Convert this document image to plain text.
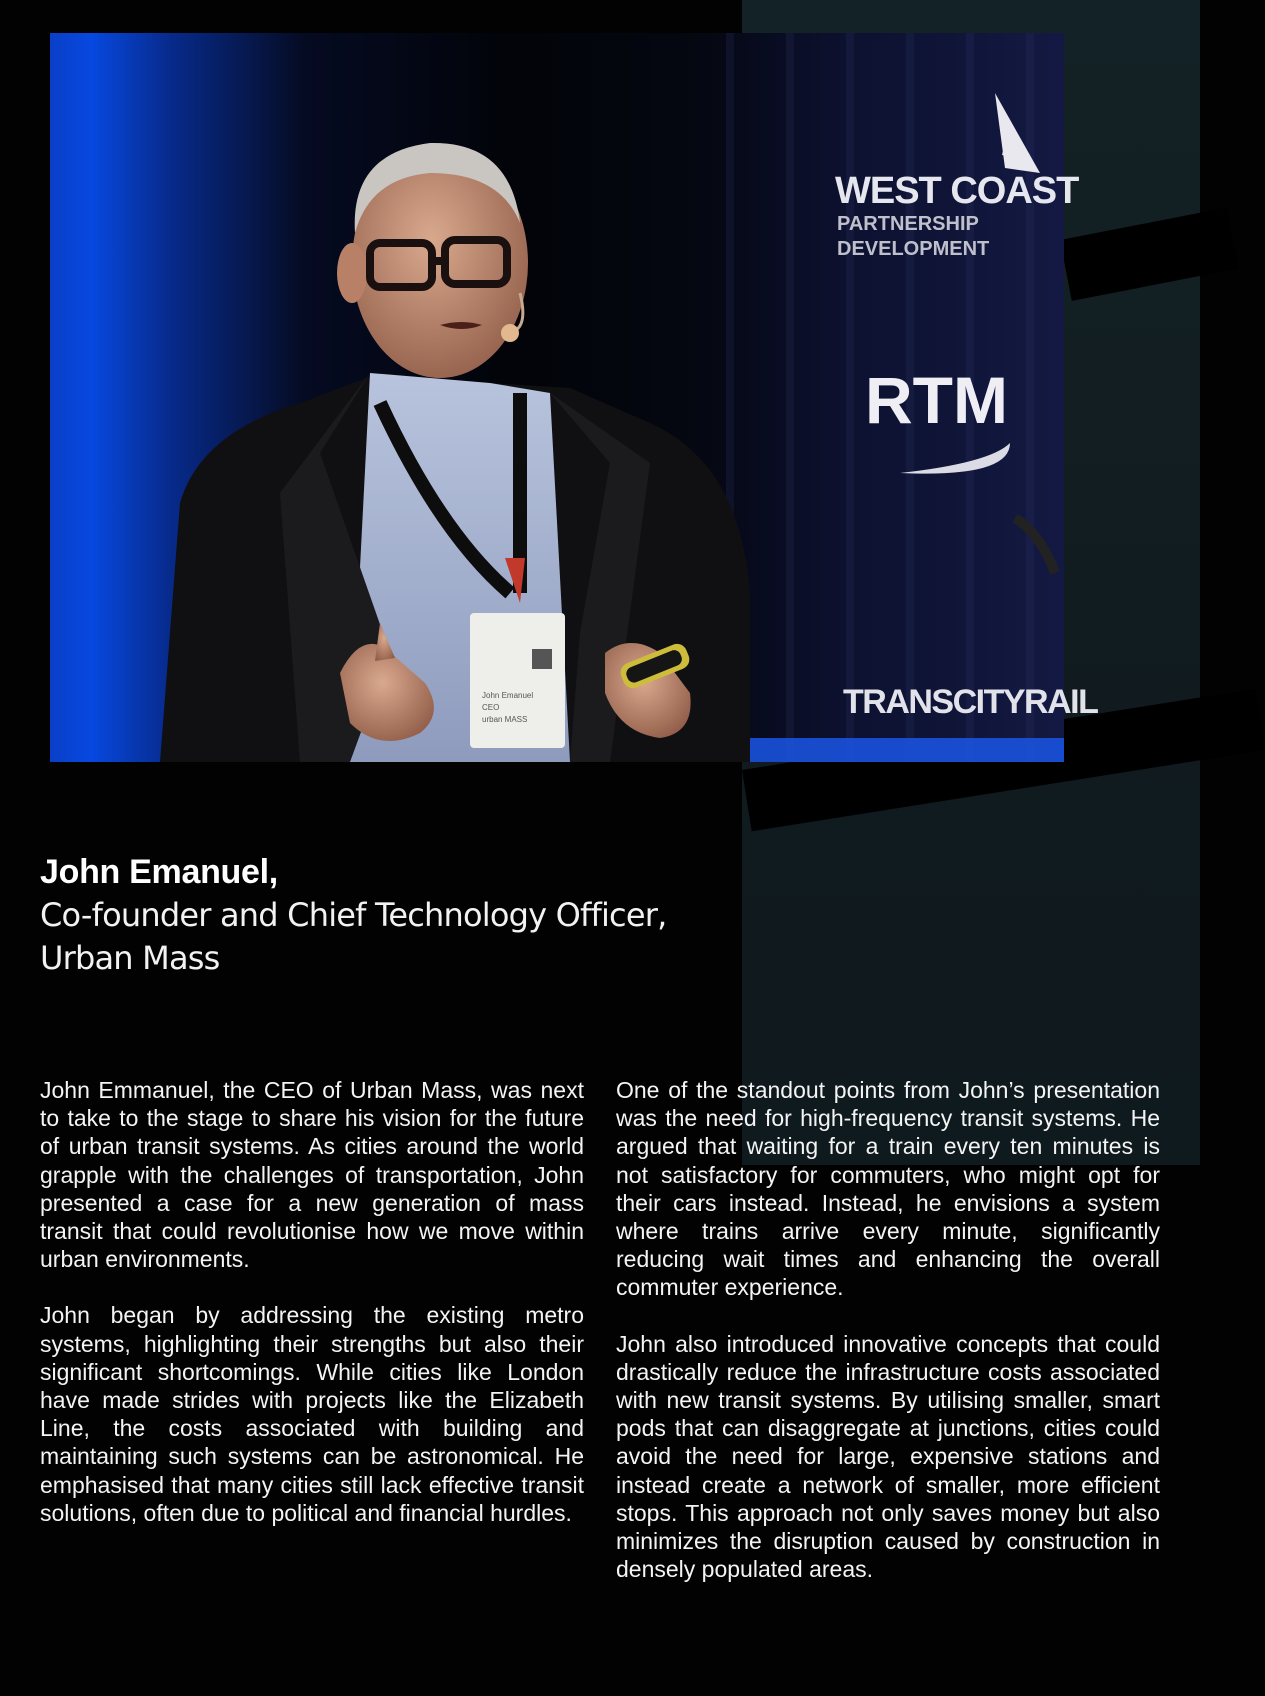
WEST COAST
PARTNERSHIP
DEVELOPMENT
RTM
TRANSCITYRAIL
John Emanuel
CEO
urban MASS

John Emanuel,

Co-founder and Chief Technology Officer,

Urban Mass

John Emmanuel, the CEO of Urban Mass, was next to take to the stage to share his vision for the future of urban transit systems. As cities around the world grapple with the challenges of transportation, John presented a case for a new generation of mass transit that could revolutionise how we move within urban environments.

John began by addressing the existing metro systems, highlighting their strengths but also their significant shortcomings. While cities like London have made strides with projects like the Elizabeth Line, the costs associated with building and maintaining such systems can be astronomical. He emphasised that many cities still lack effective transit solutions, often due to political and financial hurdles.

One of the standout points from John’s presentation was the need for high-frequency transit systems. He argued that waiting for a train every ten minutes is not satisfactory for commuters, who might opt for their cars instead. Instead, he envisions a system where trains arrive every minute, significantly reducing wait times and enhancing the overall commuter experience.

John also introduced innovative concepts that could drastically reduce the infrastructure costs associated with new transit systems. By utilising smaller, smart pods that can disaggregate at junctions, cities could avoid the need for large, expensive stations and instead create a network of smaller, more efficient stops. This approach not only saves money but also minimizes the disruption caused by construction in densely populated areas.
